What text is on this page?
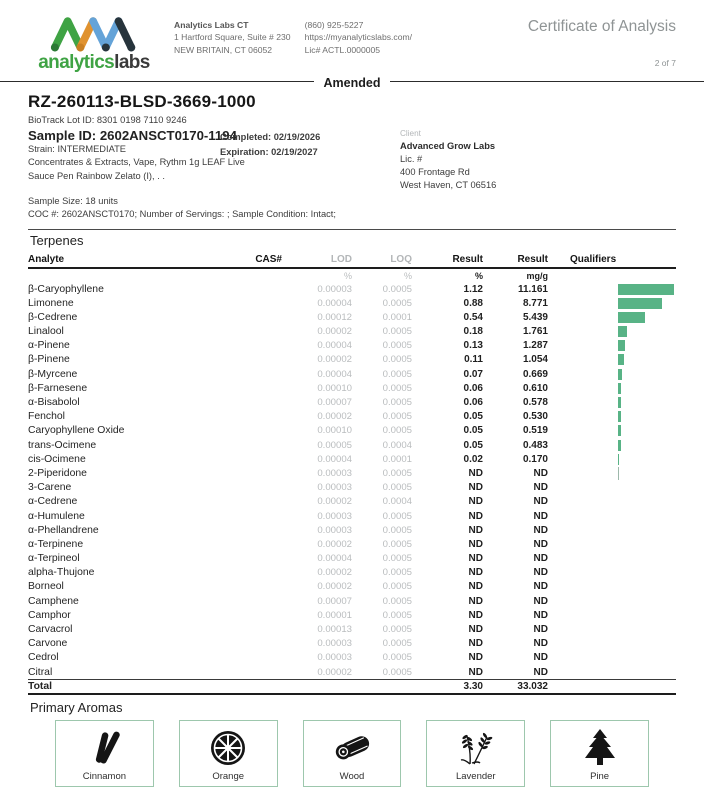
analyticslabs
Analytics Labs CT
1 Hartford Square, Suite # 230
NEW BRITAIN, CT 06052
(860) 925-5227
https://myanalyticslabs.com/
Lic# ACTL.0000005
Certificate of Analysis
2 of 7
Amended
RZ-260113-BLSD-3669-1000
BioTrack Lot ID: 8301 0198 7110 9246
Sample ID: 2602ANSCT0170-1194
Strain: INTERMEDIATE
Concentrates & Extracts, Vape, Rythm 1g LEAF Live
Sauce Pen Rainbow Zelato (I), . .
Completed: 02/19/2026
Expiration: 02/19/2027
Client
Advanced Grow Labs
Lic. #
400 Frontage Rd
West Haven, CT 06516
Sample Size: 18 units
COC #: 2602ANSCT0170; Number of Servings: ; Sample Condition: Intact;
Terpenes
Analyte	CAS#	LOD	LOQ	Result	Result	Qualifiers
%	%	%	mg/g
β-Caryophyllene	0.00003	0.0005	1.12	11.161
Limonene	0.00004	0.0005	0.88	8.771
β-Cedrene	0.00012	0.0001	0.54	5.439
Linalool	0.00002	0.0005	0.18	1.761
α-Pinene	0.00004	0.0005	0.13	1.287
β-Pinene	0.00002	0.0005	0.11	1.054
β-Myrcene	0.00004	0.0005	0.07	0.669
β-Farnesene	0.00010	0.0005	0.06	0.610
α-Bisabolol	0.00007	0.0005	0.06	0.578
Fenchol	0.00002	0.0005	0.05	0.530
Caryophyllene Oxide	0.00010	0.0005	0.05	0.519
trans-Ocimene	0.00005	0.0004	0.05	0.483
cis-Ocimene	0.00004	0.0001	0.02	0.170
2-Piperidone	0.00003	0.0005	ND	ND
3-Carene	0.00003	0.0005	ND	ND
α-Cedrene	0.00002	0.0004	ND	ND
α-Humulene	0.00003	0.0005	ND	ND
α-Phellandrene	0.00003	0.0005	ND	ND
α-Terpinene	0.00002	0.0005	ND	ND
α-Terpineol	0.00004	0.0005	ND	ND
alpha-Thujone	0.00002	0.0005	ND	ND
Borneol	0.00002	0.0005	ND	ND
Camphene	0.00007	0.0005	ND	ND
Camphor	0.00001	0.0005	ND	ND
Carvacrol	0.00013	0.0005	ND	ND
Carvone	0.00003	0.0005	ND	ND
Cedrol	0.00003	0.0005	ND	ND
Citral	0.00002	0.0005	ND	ND
Total	3.30	33.032
Primary Aromas
Cinnamon	Orange	Wood	Lavender	Pine
